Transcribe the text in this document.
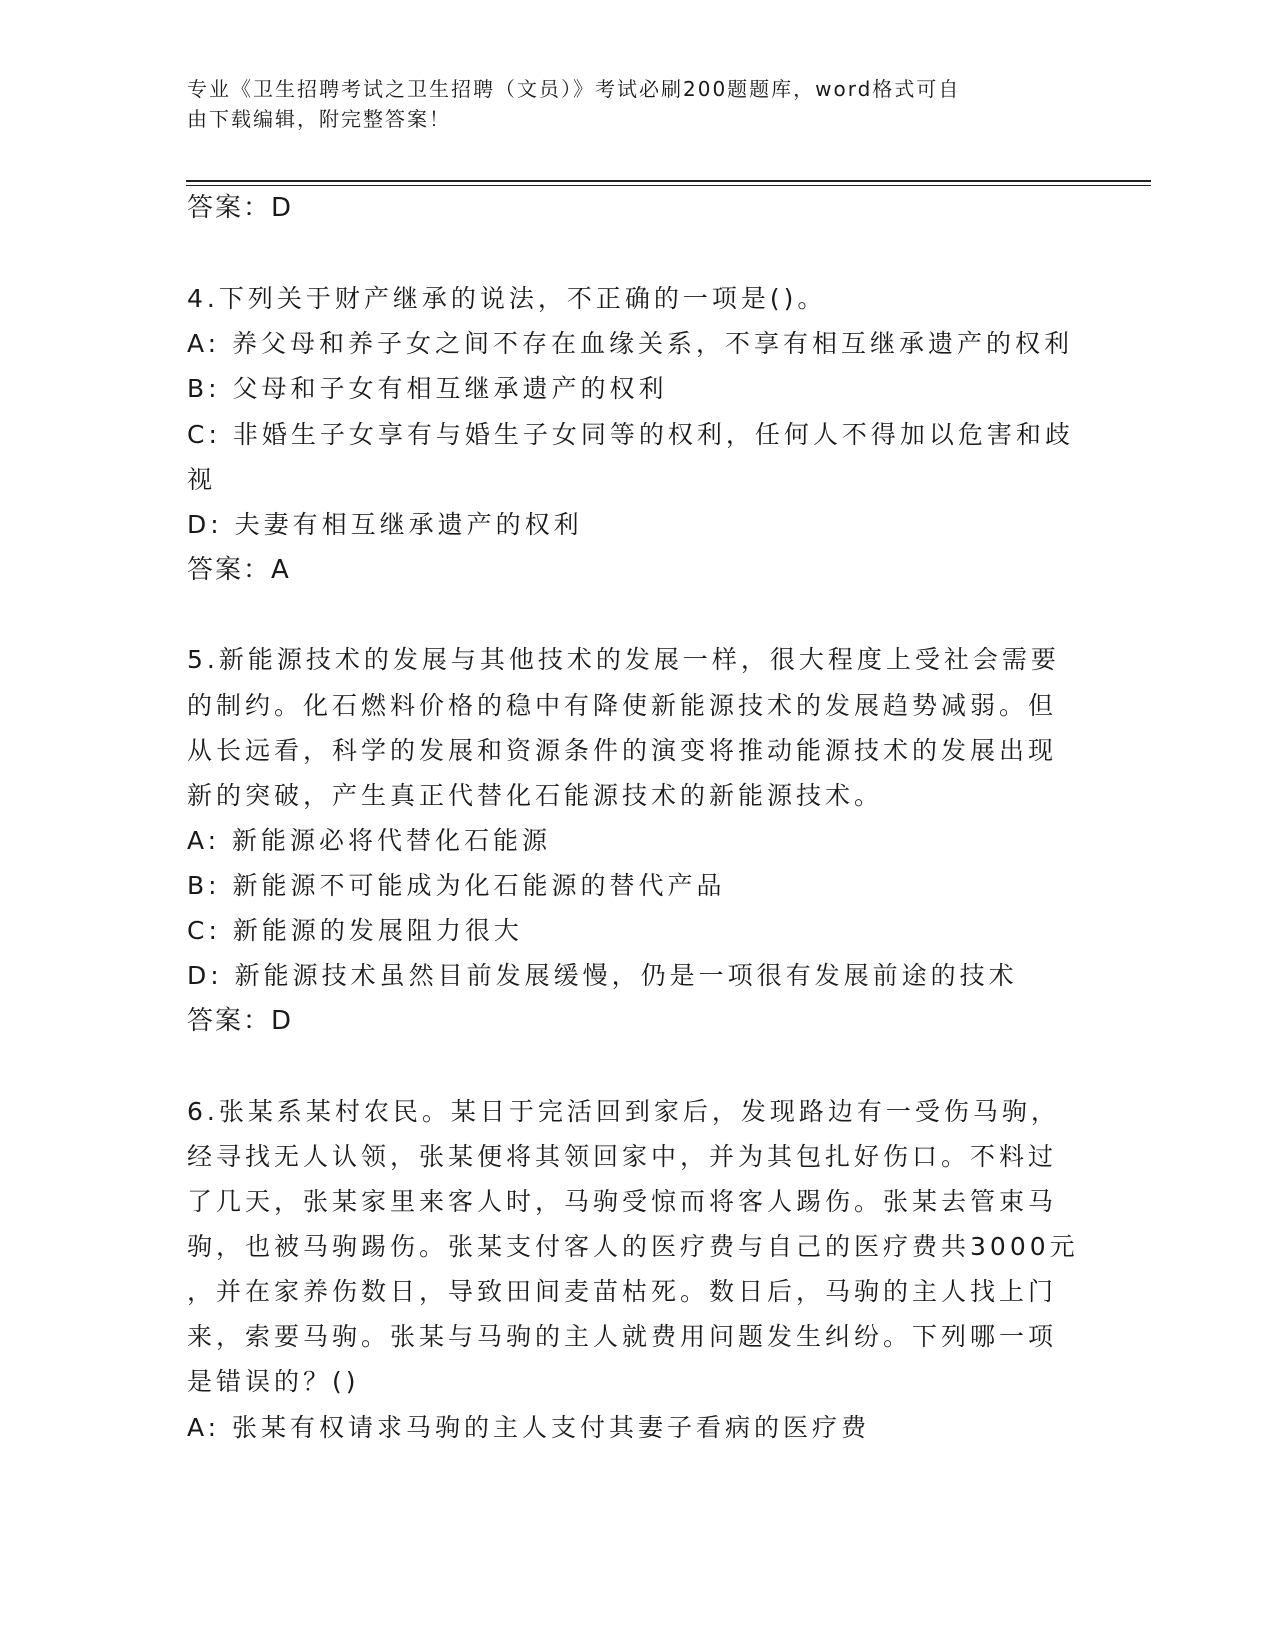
专业《卫生招聘考试之卫生招聘（文员）》考试必刷200题题库，word格式可自
由下载编辑，附完整答案！
答案：D
4.下列关于财产继承的说法，不正确的一项是()。
A: 养父母和养子女之间不存在血缘关系，不享有相互继承遗产的权利
B: 父母和子女有相互继承遗产的权利
C: 非婚生子女享有与婚生子女同等的权利，任何人不得加以危害和歧
视
D: 夫妻有相互继承遗产的权利
答案：A
5.新能源技术的发展与其他技术的发展一样，很大程度上受社会需要
的制约。化石燃料价格的稳中有降使新能源技术的发展趋势减弱。但
从长远看，科学的发展和资源条件的演变将推动能源技术的发展出现
新的突破，产生真正代替化石能源技术的新能源技术。
A: 新能源必将代替化石能源
B: 新能源不可能成为化石能源的替代产品
C: 新能源的发展阻力很大
D: 新能源技术虽然目前发展缓慢，仍是一项很有发展前途的技术
答案：D
6.张某系某村农民。某日于完活回到家后，发现路边有一受伤马驹，
经寻找无人认领，张某便将其领回家中，并为其包扎好伤口。不料过
了几天，张某家里来客人时，马驹受惊而将客人踢伤。张某去管束马
驹，也被马驹踢伤。张某支付客人的医疗费与自己的医疗费共3000元
，并在家养伤数日，导致田间麦苗枯死。数日后，马驹的主人找上门
来，索要马驹。张某与马驹的主人就费用问题发生纠纷。下列哪一项
是错误的？()
A: 张某有权请求马驹的主人支付其妻子看病的医疗费
